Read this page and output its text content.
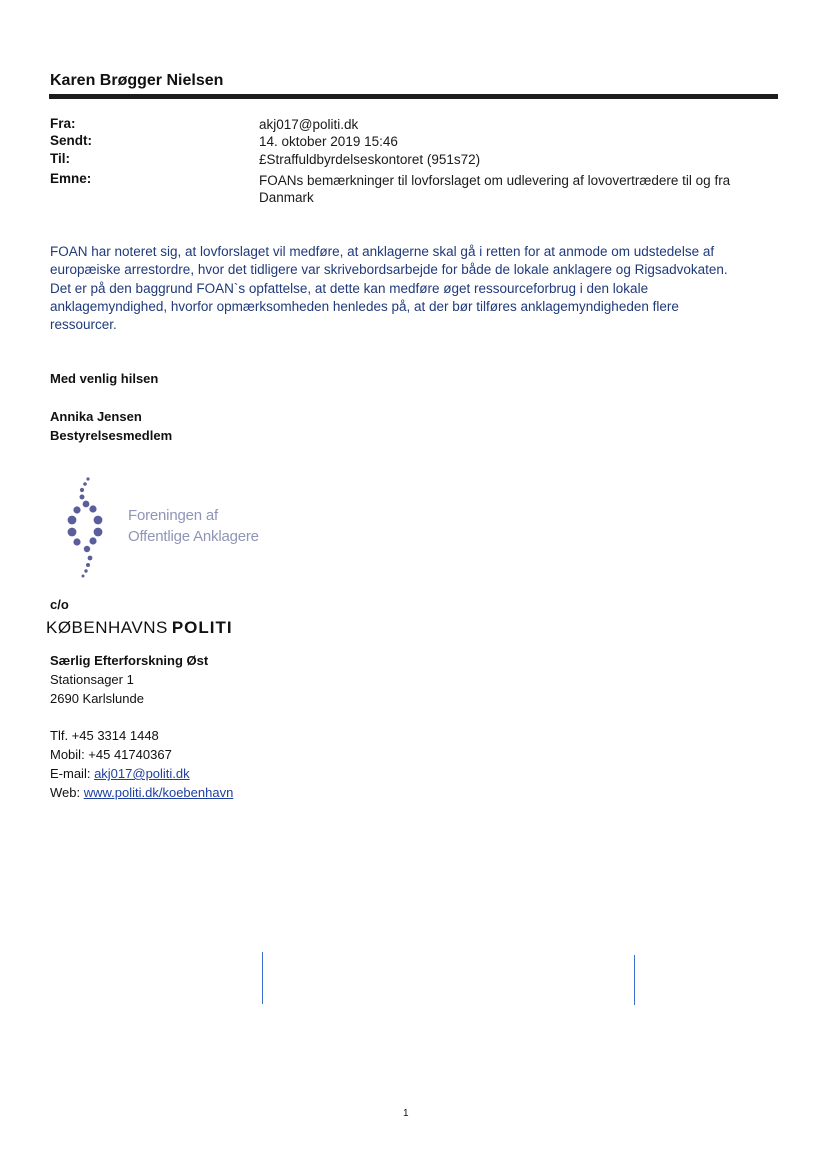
Karen Brøgger Nielsen
Fra:	akj017@politi.dk
Sendt:	14. oktober 2019 15:46
Til:	£Straffuldbyrdelseskontoret (951s72)
Emne:	FOANs bemærkninger til lovforslaget om udlevering af lovovertrædere til og fra
Danmark

FOAN har noteret sig, at lovforslaget vil medføre, at anklagerne skal gå i retten for at anmode om udstedelse af

europæiske arrestordre, hvor det tidligere var skrivebordsarbejde for både de lokale anklagere og Rigsadvokaten.

Det er på den baggrund FOAN`s opfattelse, at dette kan medføre øget ressourceforbrug i den lokale

anklagemyndighed, hvorfor opmærksomheden henledes på, at der bør tilføres anklagemyndigheden flere

ressourcer.

Med venlig hilsen
Annika Jensen
Bestyrelsesmedlem
Foreningen af
Offentlige Anklagere
c/o
KØBENHAVNS POLITI
Særlig Efterforskning Øst
Stationsager 1
2690 Karlslunde
Tlf. +45 3314 1448
Mobil: +45 41740367
E-mail: akj017@politi.dk
Web: www.politi.dk/koebenhavn
1
